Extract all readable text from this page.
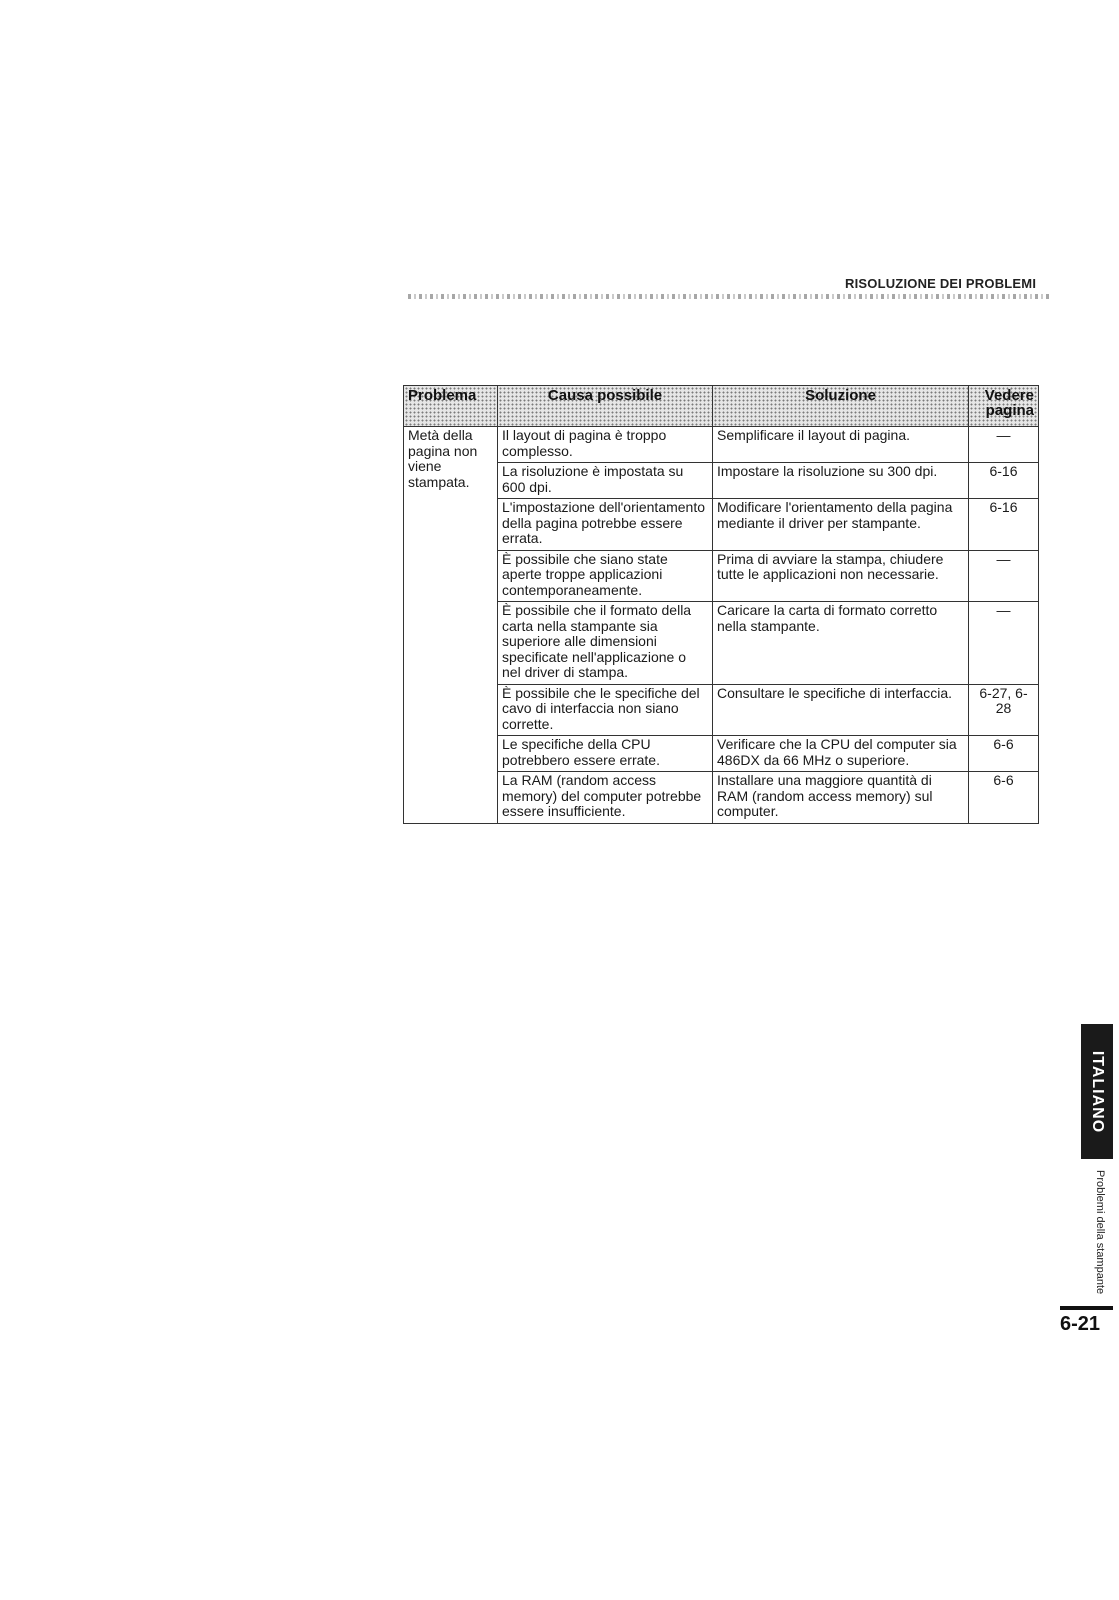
RISOLUZIONE DEI PROBLEMI
Problema	Causa possibile	Soluzione	Vedere pagina
Metà della pagina non viene stampata.	Il layout di pagina è troppo complesso.	Semplificare il layout di pagina.	—
	La risoluzione è impostata su 600 dpi.	Impostare la risoluzione su 300 dpi.	6-16
	L'impostazione dell'orientamento della pagina potrebbe essere errata.	Modificare l'orientamento della pagina mediante il driver per stampante.	6-16
	È possibile che siano state aperte troppe applicazioni contemporaneamente.	Prima di avviare la stampa, chiudere tutte le applicazioni non necessarie.	—
	È possibile che il formato della carta nella stampante sia superiore alle dimensioni specificate nell'applicazione o nel driver di stampa.	Caricare la carta di formato corretto nella stampante.	—
	È possibile che le specifiche del cavo di interfaccia non siano corrette.	Consultare le specifiche di interfaccia.	6-27, 6-28
	Le specifiche della CPU potrebbero essere errate.	Verificare che la CPU del computer sia 486DX da 66 MHz o superiore.	6-6
	La RAM (random access memory) del computer potrebbe essere insufficiente.	Installare una maggiore quantità di RAM (random access memory) sul computer.	6-6
ITALIANO
Problemi della stampante
6-21
